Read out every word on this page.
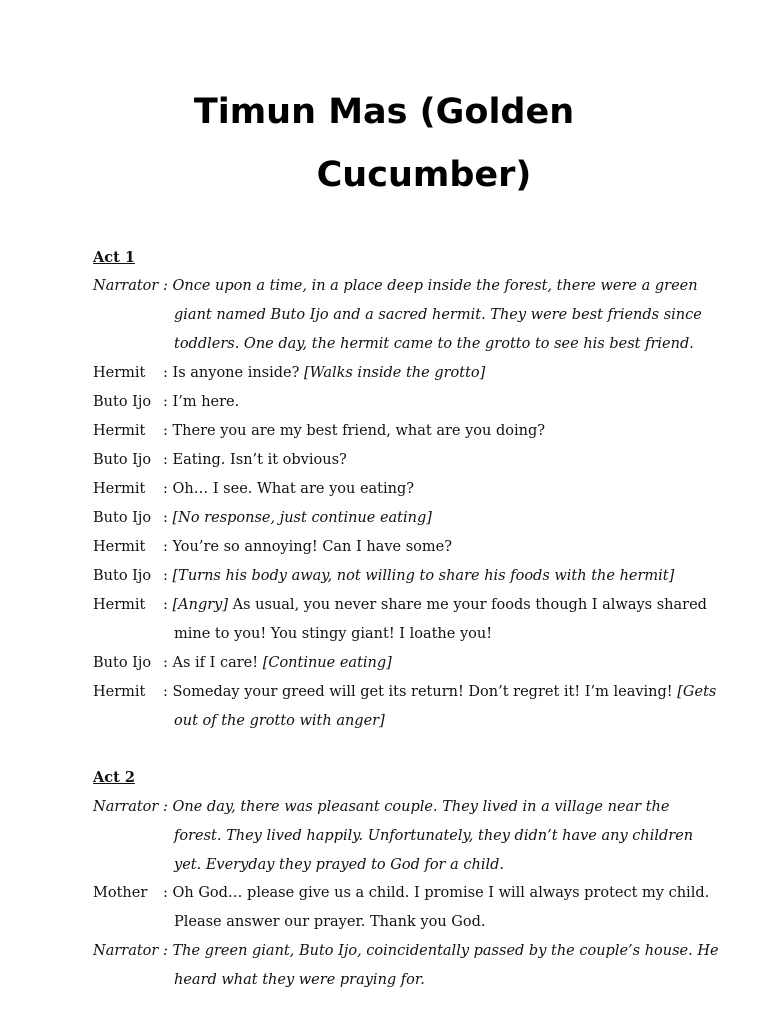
Timun Mas (Golden
Cucumber)
Act 1
Narrator : Once upon a time, in a place deep inside the forest, there were a green
giant named Buto Ijo and a sacred hermit. They were best friends since
toddlers. One day, the hermit came to the grotto to see his best friend.
Hermit : Is anyone inside? [Walks inside the grotto]
Buto Ijo : I’m here.
Hermit : There you are my best friend, what are you doing?
Buto Ijo : Eating. Isn’t it obvious?
Hermit : Oh… I see. What are you eating?
Buto Ijo : [No response, just continue eating]
Hermit : You’re so annoying! Can I have some?
Buto Ijo : [Turns his body away, not willing to share his foods with the hermit]
Hermit : [Angry] As usual, you never share me your foods though I always shared
mine to you! You stingy giant! I loathe you!
Buto Ijo : As if I care! [Continue eating]
Hermit : Someday your greed will get its return! Don’t regret it! I’m leaving! [Gets
out of the grotto with anger]
Act 2
Narrator : One day, there was pleasant couple. They lived in a village near the
forest. They lived happily. Unfortunately, they didn’t have any children
yet. Everyday they prayed to God for a child.
Mother : Oh God… please give us a child. I promise I will always protect my child.
Please answer our prayer. Thank you God.
Narrator : The green giant, Buto Ijo, coincidentally passed by the couple’s house. He
heard what they were praying for.
